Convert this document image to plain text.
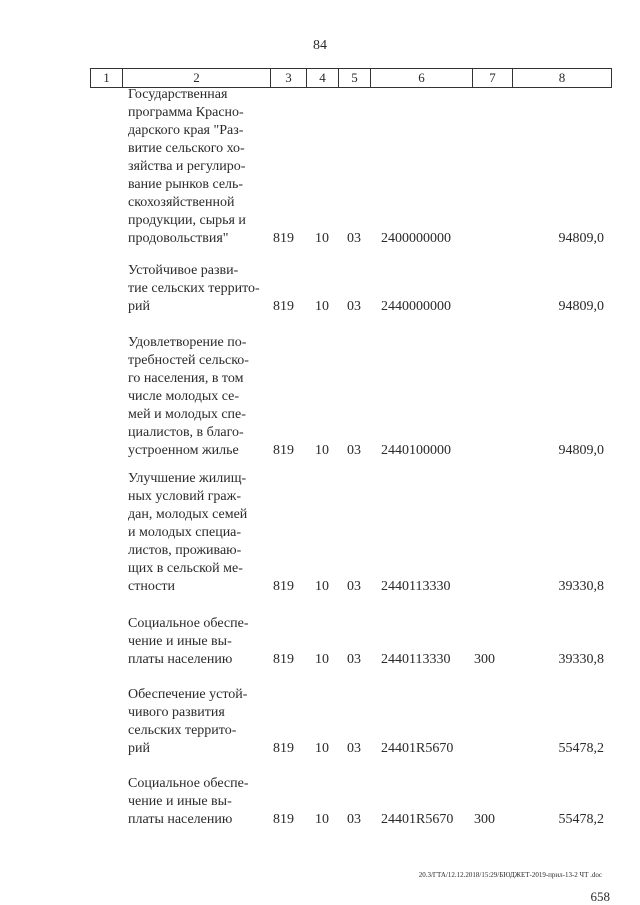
84
1	2	3	4	5	6	7	8
Государственная
программа Красно-
дарского края "Раз-
витие сельского хо-
зяйства и регулиро-
вание рынков сель-
скохозяйственной
продукции, сырья и
продовольствия"	819 10 03 2400000000	94809,0
Устойчивое разви-
тие сельских террито-
рий	819 10 03 2440000000	94809,0
Удовлетворение по-
требностей сельско-
го населения, в том
числе молодых се-
мей и молодых спе-
циалистов, в благо-
устроенном жилье	819 10 03 2440100000	94809,0
Улучшение жилищ-
ных условий граж-
дан, молодых семей
и молодых специа-
листов, проживаю-
щих в сельской ме-
стности	819 10 03 2440113330	39330,8
Социальное обеспе-
чение и иные вы-
платы населению	819 10 03 2440113330 300	39330,8
Обеспечение устой-
чивого развития
сельских террито-
рий	819 10 03 24401R5670	55478,2
Социальное обеспе-
чение и иные вы-
платы населению	819 10 03 24401R5670 300	55478,2
20.3/ГТА/12.12.2018/15:29/БЮДЖЕТ-2019-прил-13-2 ЧТ .doc
658
